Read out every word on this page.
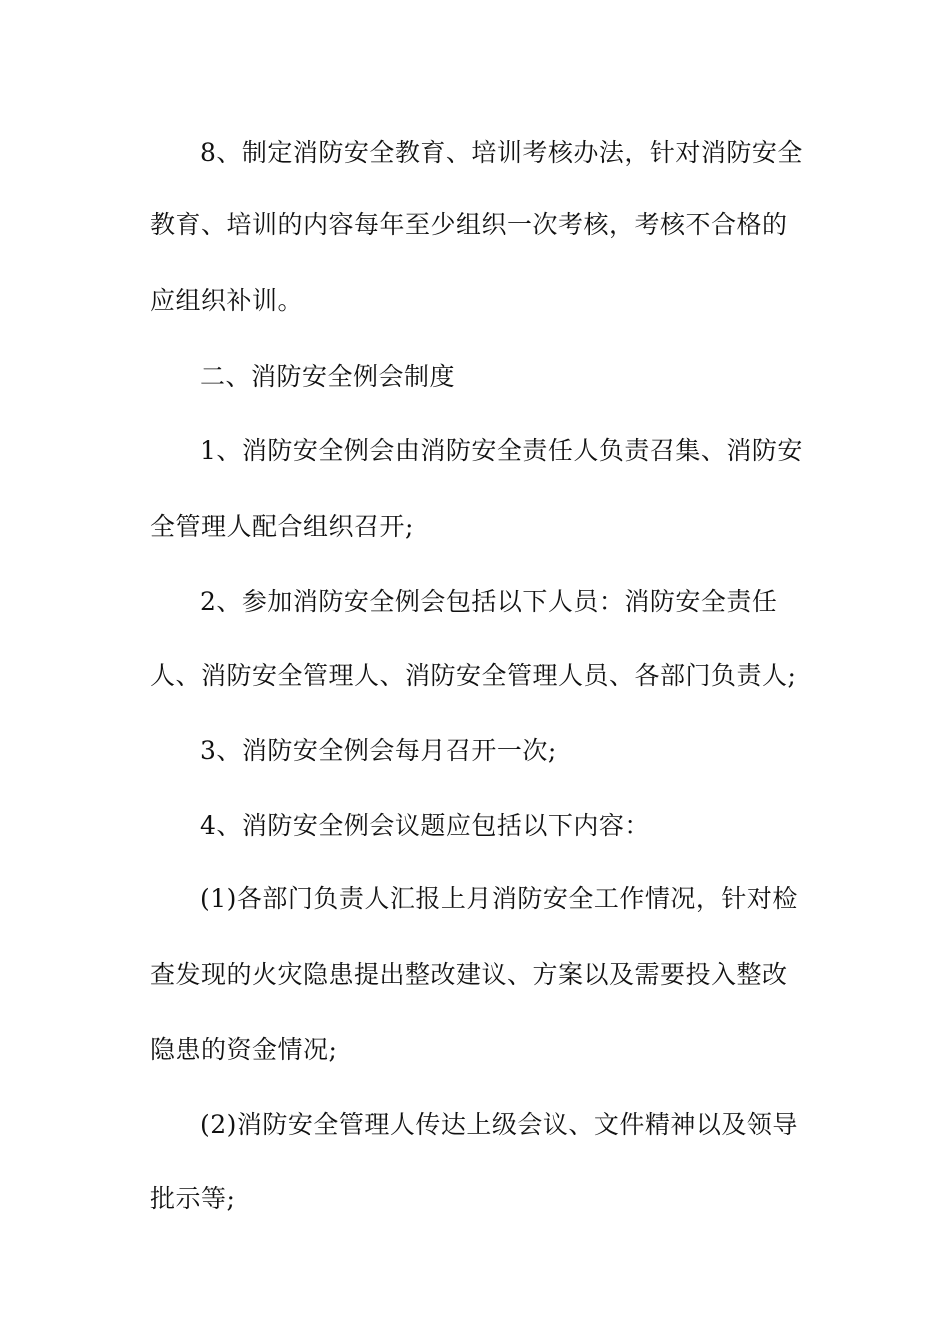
8、制定消防安全教育、培训考核办法，针对消防安全
教育、培训的内容每年至少组织一次考核，考核不合格的
应组织补训。
二、消防安全例会制度
1、消防安全例会由消防安全责任人负责召集、消防安
全管理人配合组织召开;
2、参加消防安全例会包括以下人员：消防安全责任
人、消防安全管理人、消防安全管理人员、各部门负责人;
3、消防安全例会每月召开一次;
4、消防安全例会议题应包括以下内容：
(1)各部门负责人汇报上月消防安全工作情况，针对检
查发现的火灾隐患提出整改建议、方案以及需要投入整改
隐患的资金情况;
(2)消防安全管理人传达上级会议、文件精神以及领导
批示等;
